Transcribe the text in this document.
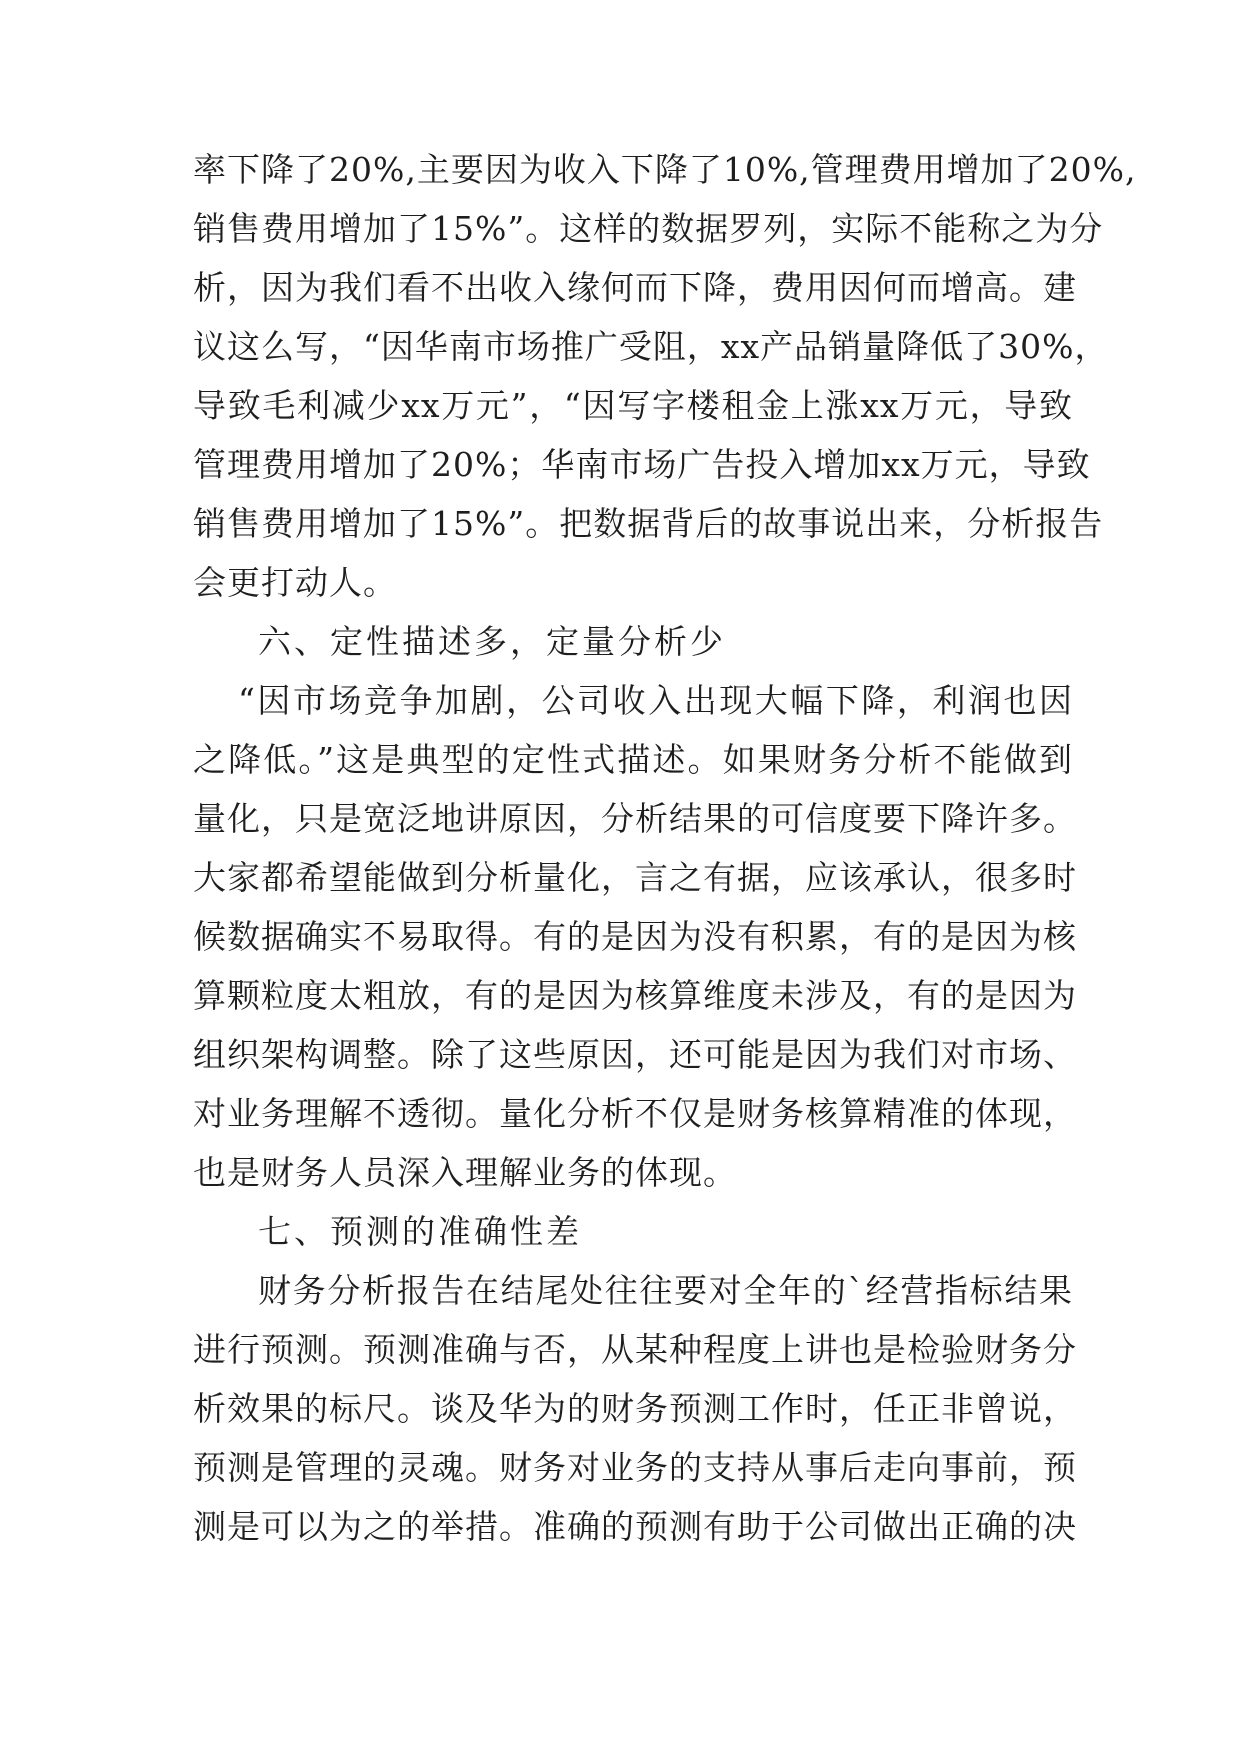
率下降了20%,主要因为收入下降了10%,管理费用增加了20%,
销售费用增加了15%”。这样的数据罗列，实际不能称之为分
析，因为我们看不出收入缘何而下降，费用因何而增高。建
议这么写，“因华南市场推广受阻，xx产品销量降低了30%，
导致毛利减少xx万元”，“因写字楼租金上涨xx万元，导致
管理费用增加了20%；华南市场广告投入增加xx万元，导致
销售费用增加了15%”。把数据背后的故事说出来，分析报告
会更打动人。
六、定性描述多，定量分析少
“因市场竞争加剧，公司收入出现大幅下降，利润也因
之降低。”这是典型的定性式描述。如果财务分析不能做到
量化，只是宽泛地讲原因，分析结果的可信度要下降许多。
大家都希望能做到分析量化，言之有据，应该承认，很多时
候数据确实不易取得。有的是因为没有积累，有的是因为核
算颗粒度太粗放，有的是因为核算维度未涉及，有的是因为
组织架构调整。除了这些原因，还可能是因为我们对市场、
对业务理解不透彻。量化分析不仅是财务核算精准的体现，
也是财务人员深入理解业务的体现。
七、预测的准确性差
财务分析报告在结尾处往往要对全年的`经营指标结果
进行预测。预测准确与否，从某种程度上讲也是检验财务分
析效果的标尺。谈及华为的财务预测工作时，任正非曾说，
预测是管理的灵魂。财务对业务的支持从事后走向事前，预
测是可以为之的举措。准确的预测有助于公司做出正确的决
